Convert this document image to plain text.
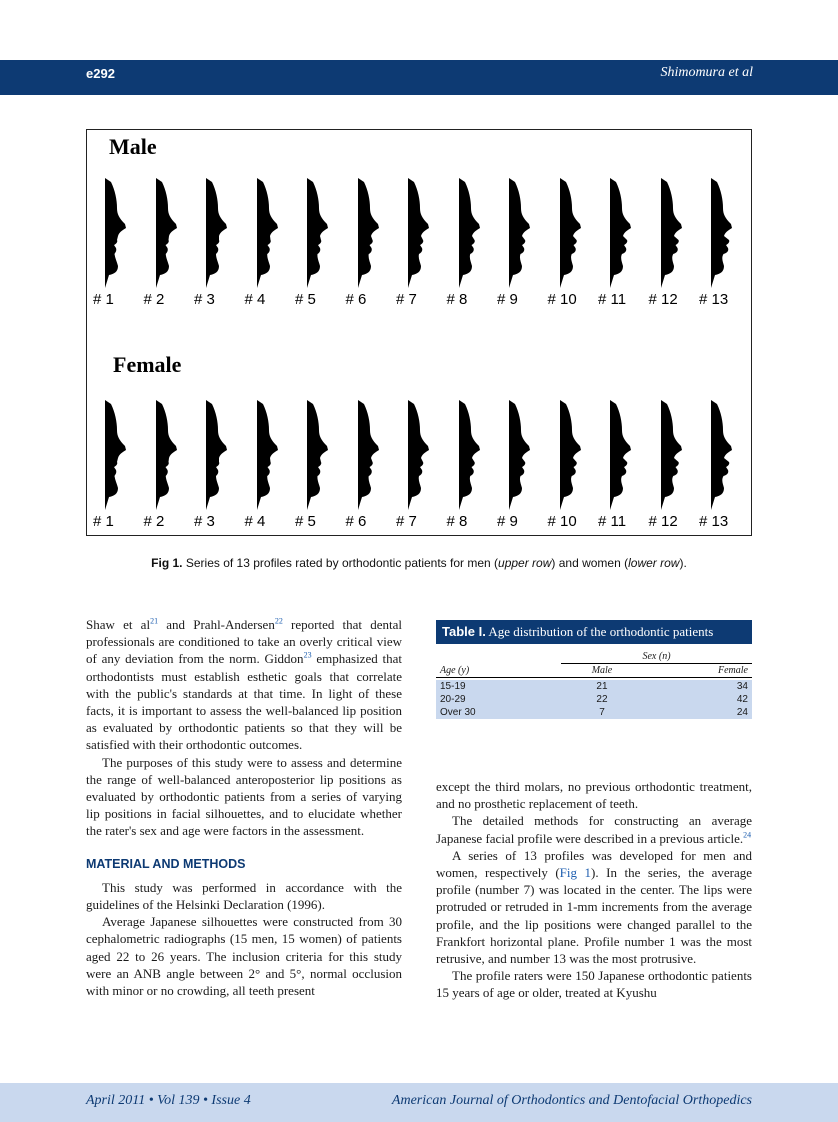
e292	Shimomura et al
Male
# 1 # 2 # 3 # 4 # 5 # 6 # 7 # 8 # 9 # 10 # 11 # 12 # 13
Female
# 1 # 2 # 3 # 4 # 5 # 6 # 7 # 8 # 9 # 10 # 11 # 12 # 13
Fig 1. Series of 13 profiles rated by orthodontic patients for men (upper row) and women (lower row).

Shaw et $al^{21}$ and Prahl-Andersen$^{22}$ reported that dental professionals are conditioned to take an overly critical view of any deviation from the norm. Giddon$^{23}$ emphasized that orthodontists must establish esthetic goals that correlate with the public's standards at that time. In light of these facts, it is important to assess the well-balanced lip position as evaluated by orthodontic patients so that they will be satisfied with their orthodontic outcomes.

The purposes of this study were to assess and determine the range of well-balanced anteroposterior lip positions as evaluated by orthodontic patients from a series of varying lip positions in facial silhouettes, and to elucidate whether the rater's sex and age were factors in the assessment.

MATERIAL AND METHODS

This study was performed in accordance with the guidelines of the Helsinki Declaration (1996).

Average Japanese silhouettes were constructed from 30 cephalometric radiographs (15 men, 15 women) of patients aged 22 to 26 years. The inclusion criteria for this study were an ANB angle between 2° and 5°, normal occlusion with minor or no crowding, all teeth present

Table I. Age distribution of the orthodontic patients
	Sex (n)	
Age (y)	Male	Female

15-19	21	34
20-29	22	42
Over 30	7	24

except the third molars, no previous orthodontic treatment, and no prosthetic replacement of teeth.

The detailed methods for constructing an average Japanese facial profile were described in a previous article.$^{24}$

A series of 13 profiles was developed for men and women, respectively (Fig 1). In the series, the average profile (number 7) was located in the center. The lips were protruded or retruded in 1-mm increments from the average profile, and the lip positions were changed parallel to the Frankfort horizontal plane. Profile number 1 was the most retrusive, and number 13 was the most protrusive.

The profile raters were 150 Japanese orthodontic patients 15 years of age or older, treated at Kyushu

April 2011 • Vol 139 • Issue 4	American Journal of Orthodontics and Dentofacial Orthopedics
